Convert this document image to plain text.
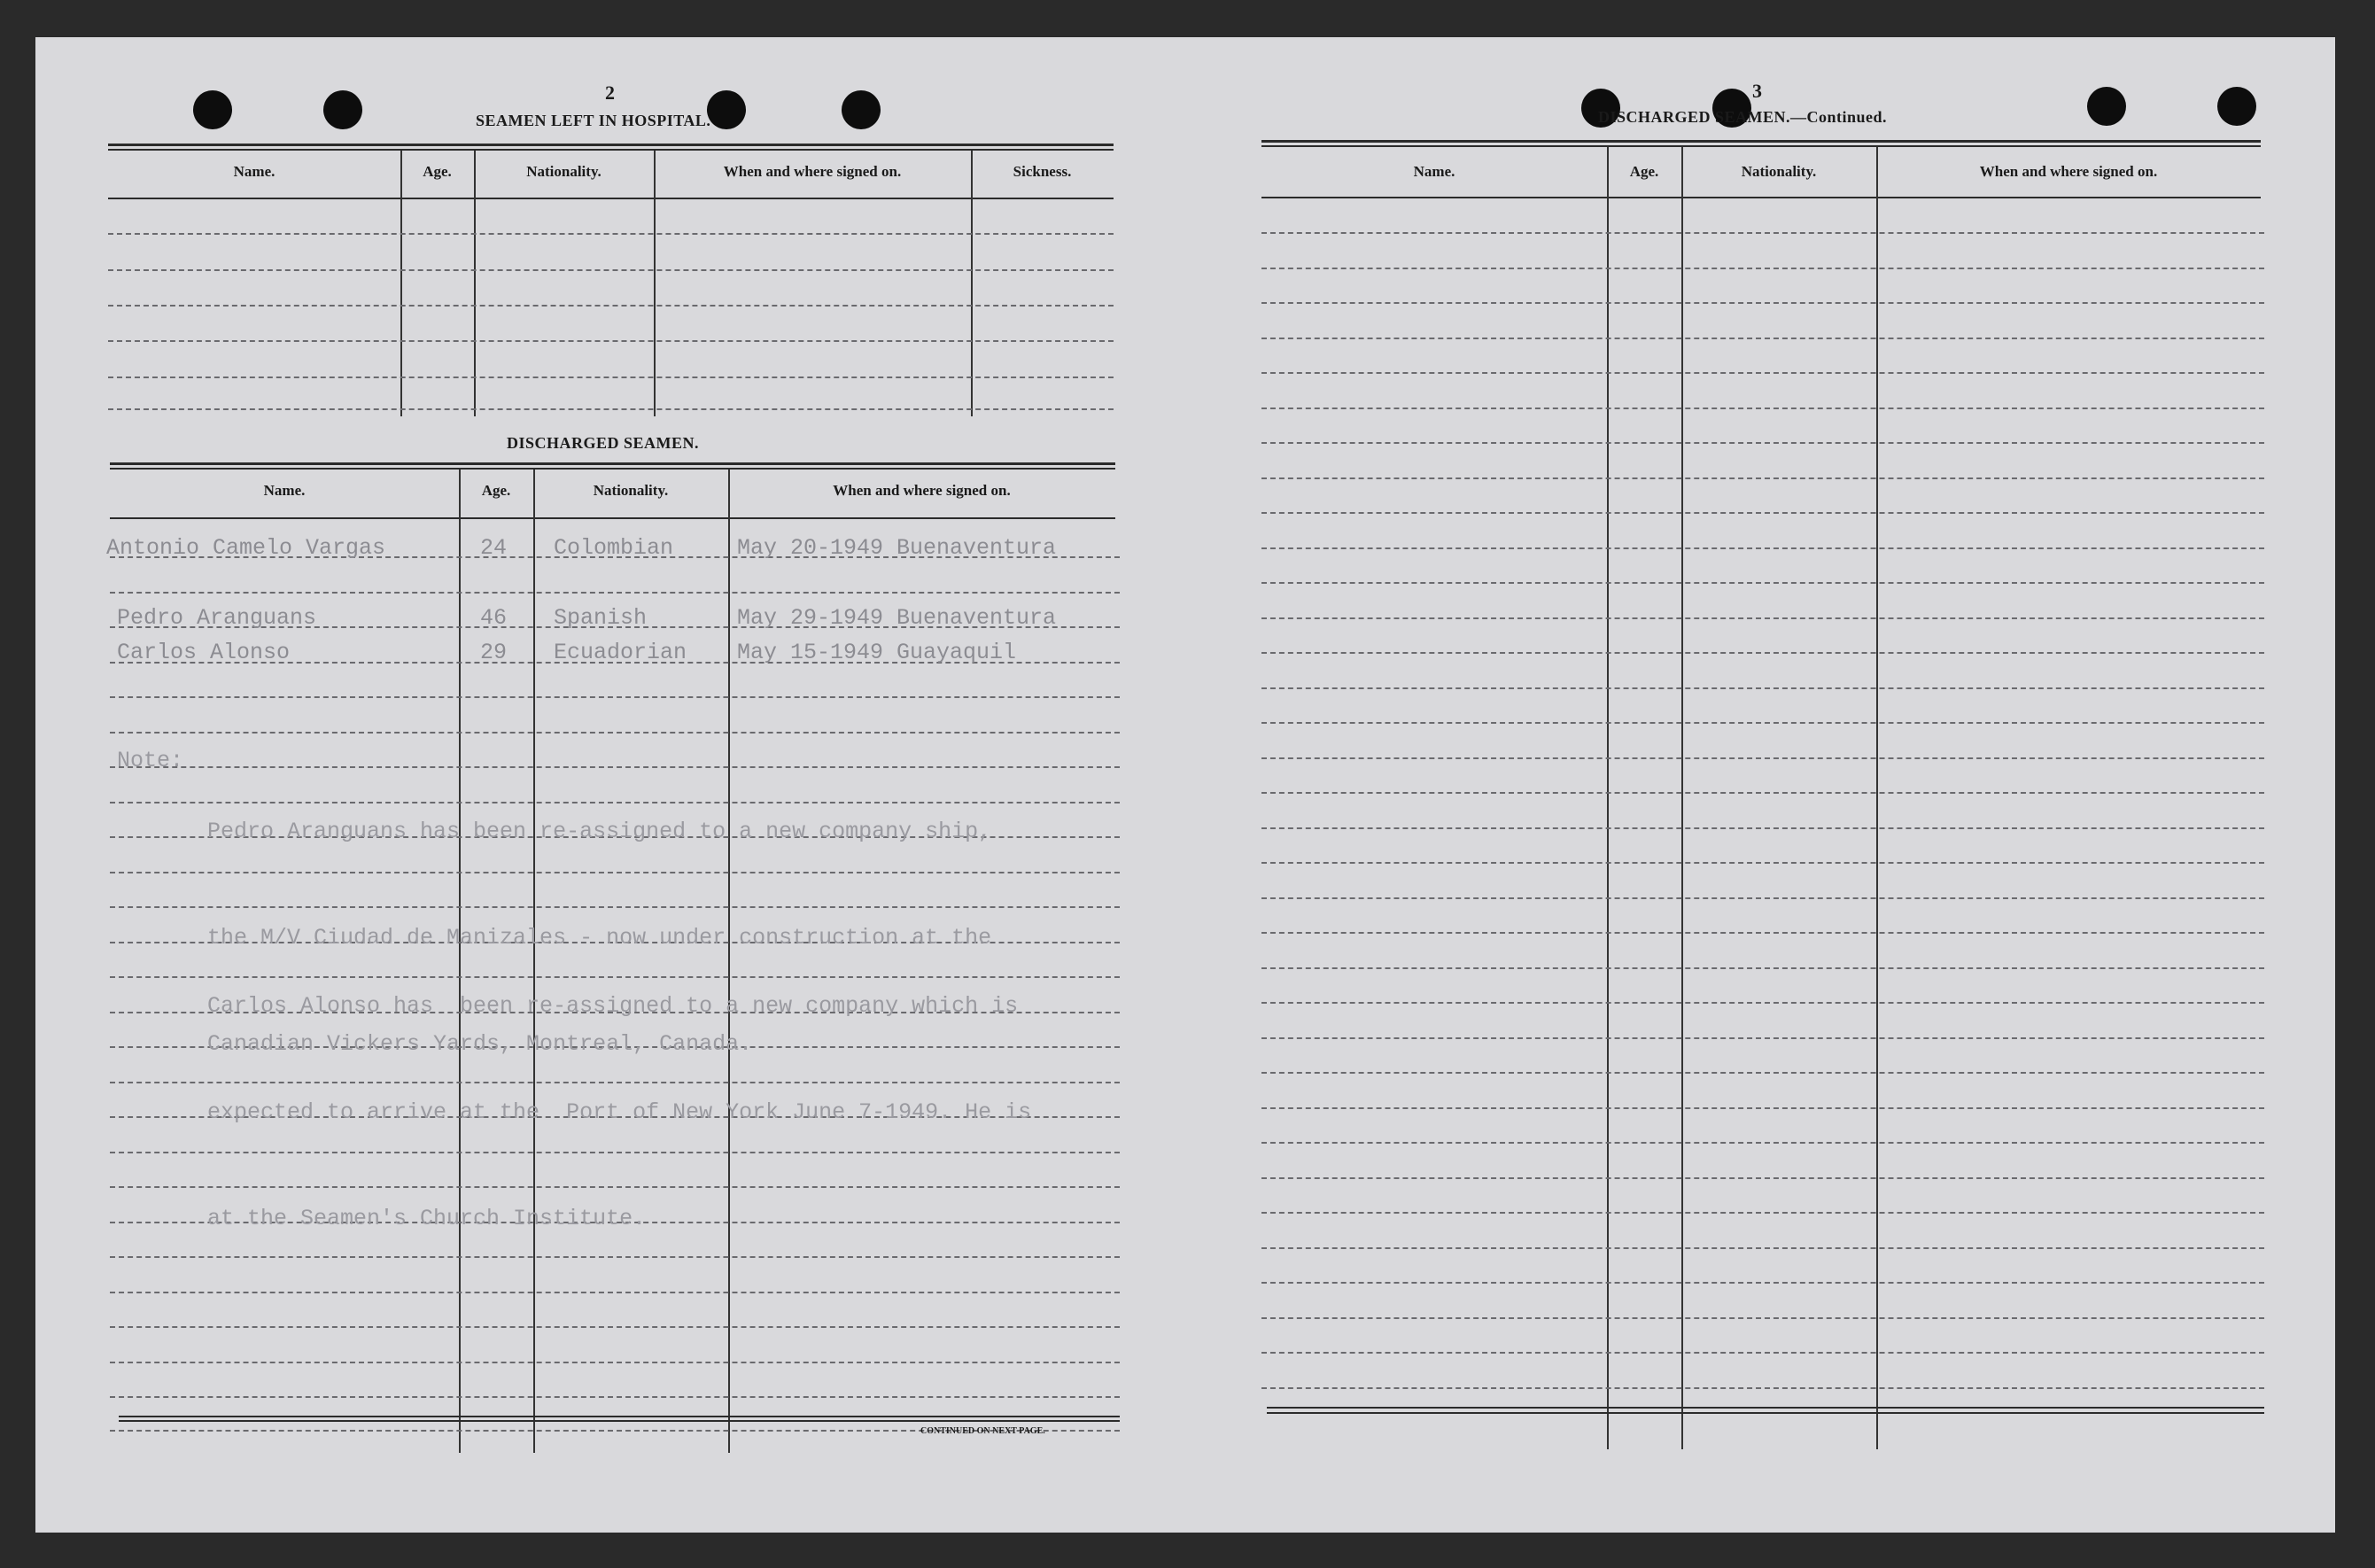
2
SEAMEN LEFT IN HOSPITAL.
Name.	Age.	Nationality.	When and where signed on.	Sickness.
DISCHARGED SEAMEN.
Name.	Age.	Nationality.	When and where signed on.
Antonio Camelo Vargas	24 Colombian	May 20-1949 Buenaventura
Pedro Aranguans	46 Spanish	May 29-1949 Buenaventura
Carlos Alonso	29 Ecuadorian May 15-1949 Guayaquil
Note:

Pedro Aranguans has been re-assigned to a new company ship,

the M/V Ciudad de Manizales - now under construction at the

Canadian Vickers Yards, Montreal, Canada.

Carlos Alonso has  been re-assigned to a new company which is

expected to arrive at the  Port of New York June 7-1949. He is

at the Seamen's Church Institute.

CONTINUED ON NEXT PAGE.
3
DISCHARGED SEAMEN.—Continued.
Name.	Age.	Nationality.	When and where signed on.
